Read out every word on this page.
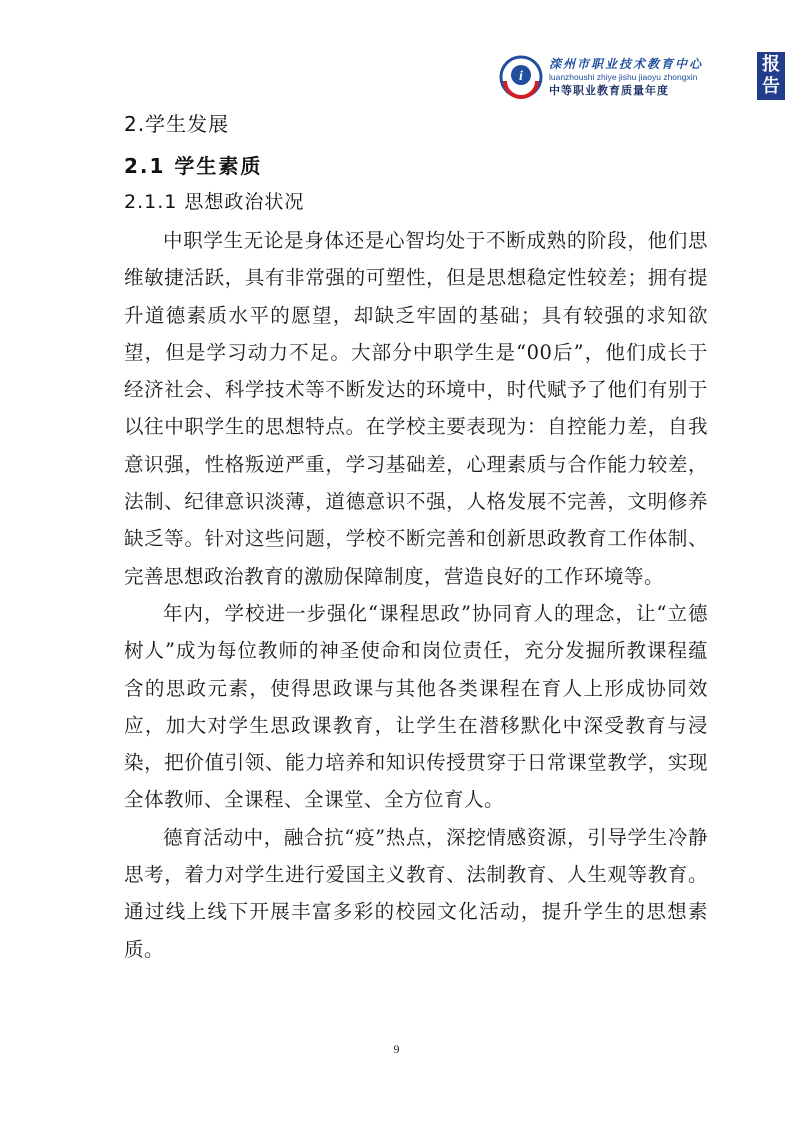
i
滦州市职业技术教育中心
luanzhoushi zhiye jishu jiaoyu zhongxin
中等职业教育质量年度
报告
2.学生发展
2.1 学生素质
2.1.1 思想政治状况

中职学生无论是身体还是心智均处于不断成熟的阶段，他们思维敏捷活跃，具有非常强的可塑性，但是思想稳定性较差；拥有提升道德素质水平的愿望，却缺乏牢固的基础；具有较强的求知欲望，但是学习动力不足。大部分中职学生是“00后”，他们成长于经济社会、科学技术等不断发达的环境中，时代赋予了他们有别于以往中职学生的思想特点。在学校主要表现为：自控能力差，自我意识强，性格叛逆严重，学习基础差，心理素质与合作能力较差，法制、纪律意识淡薄，道德意识不强，人格发展不完善，文明修养缺乏等。针对这些问题，学校不断完善和创新思政教育工作体制、完善思想政治教育的激励保障制度，营造良好的工作环境等。

年内，学校进一步强化“课程思政”协同育人的理念，让“立德树人”成为每位教师的神圣使命和岗位责任，充分发掘所教课程蕴含的思政元素，使得思政课与其他各类课程在育人上形成协同效应，加大对学生思政课教育，让学生在潜移默化中深受教育与浸染，把价值引领、能力培养和知识传授贯穿于日常课堂教学，实现全体教师、全课程、全课堂、全方位育人。

德育活动中，融合抗“疫”热点，深挖情感资源，引导学生冷静思考，着力对学生进行爱国主义教育、法制教育、人生观等教育。通过线上线下开展丰富多彩的校园文化活动，提升学生的思想素质。

9
